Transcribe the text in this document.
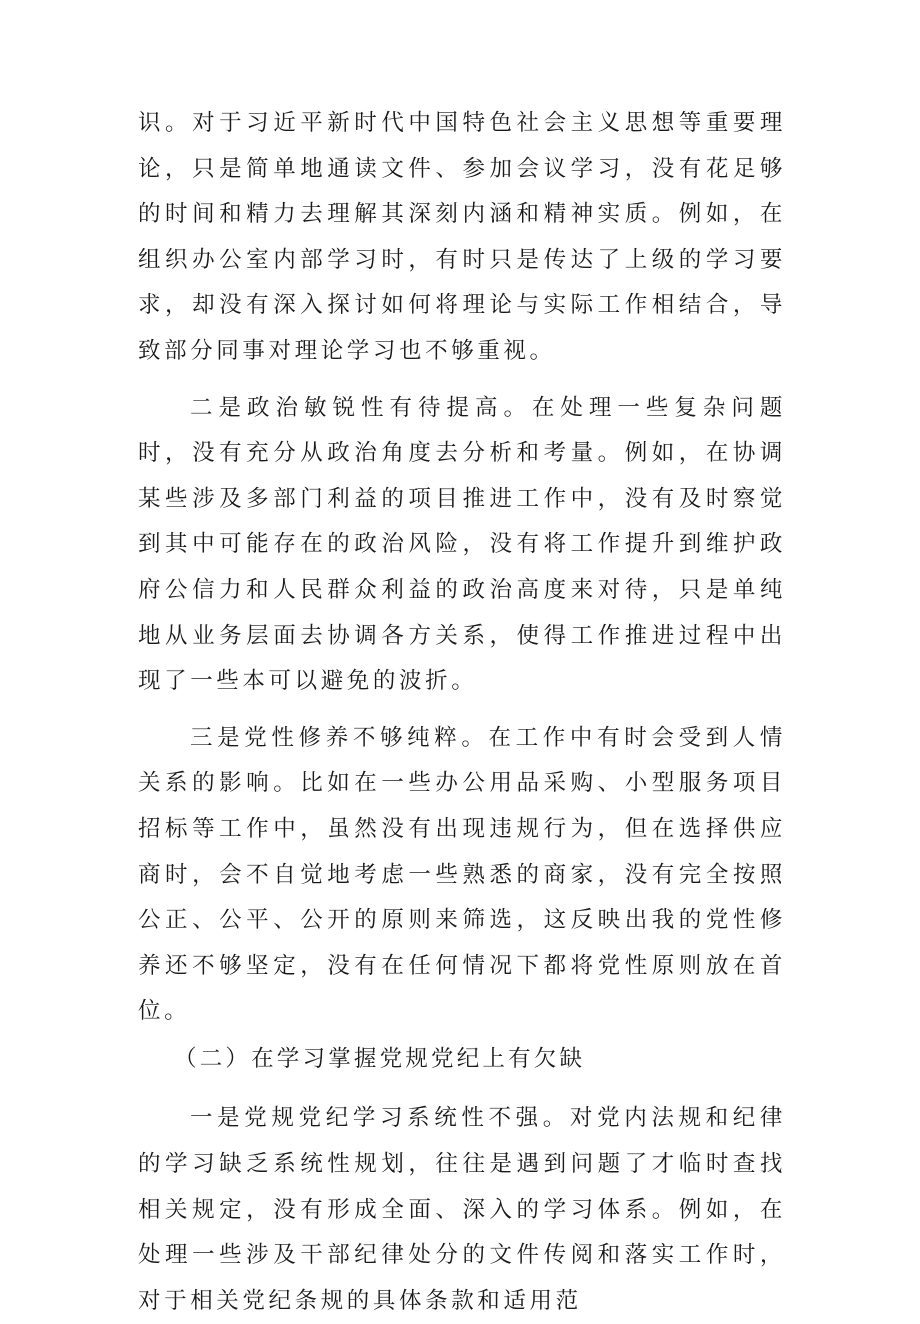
识。对于习近平新时代中国特色社会主义思想等重要理论，只是简单地通读文件、参加会议学习，没有花足够的时间和精力去理解其深刻内涵和精神实质。例如，在组织办公室内部学习时，有时只是传达了上级的学习要求，却没有深入探讨如何将理论与实际工作相结合，导致部分同事对理论学习也不够重视。

二是政治敏锐性有待提高。在处理一些复杂问题时，没有充分从政治角度去分析和考量。例如，在协调某些涉及多部门利益的项目推进工作中，没有及时察觉到其中可能存在的政治风险，没有将工作提升到维护政府公信力和人民群众利益的政治高度来对待，只是单纯地从业务层面去协调各方关系，使得工作推进过程中出现了一些本可以避免的波折。

三是党性修养不够纯粹。在工作中有时会受到人情关系的影响。比如在一些办公用品采购、小型服务项目招标等工作中，虽然没有出现违规行为，但在选择供应商时，会不自觉地考虑一些熟悉的商家，没有完全按照公正、公平、公开的原则来筛选，这反映出我的党性修养还不够坚定，没有在任何情况下都将党性原则放在首位。

（二）在学习掌握党规党纪上有欠缺

一是党规党纪学习系统性不强。对党内法规和纪律的学习缺乏系统性规划，往往是遇到问题了才临时查找相关规定，没有形成全面、深入的学习体系。例如，在处理一些涉及干部纪律处分的文件传阅和落实工作时，对于相关党纪条规的具体条款和适用范
